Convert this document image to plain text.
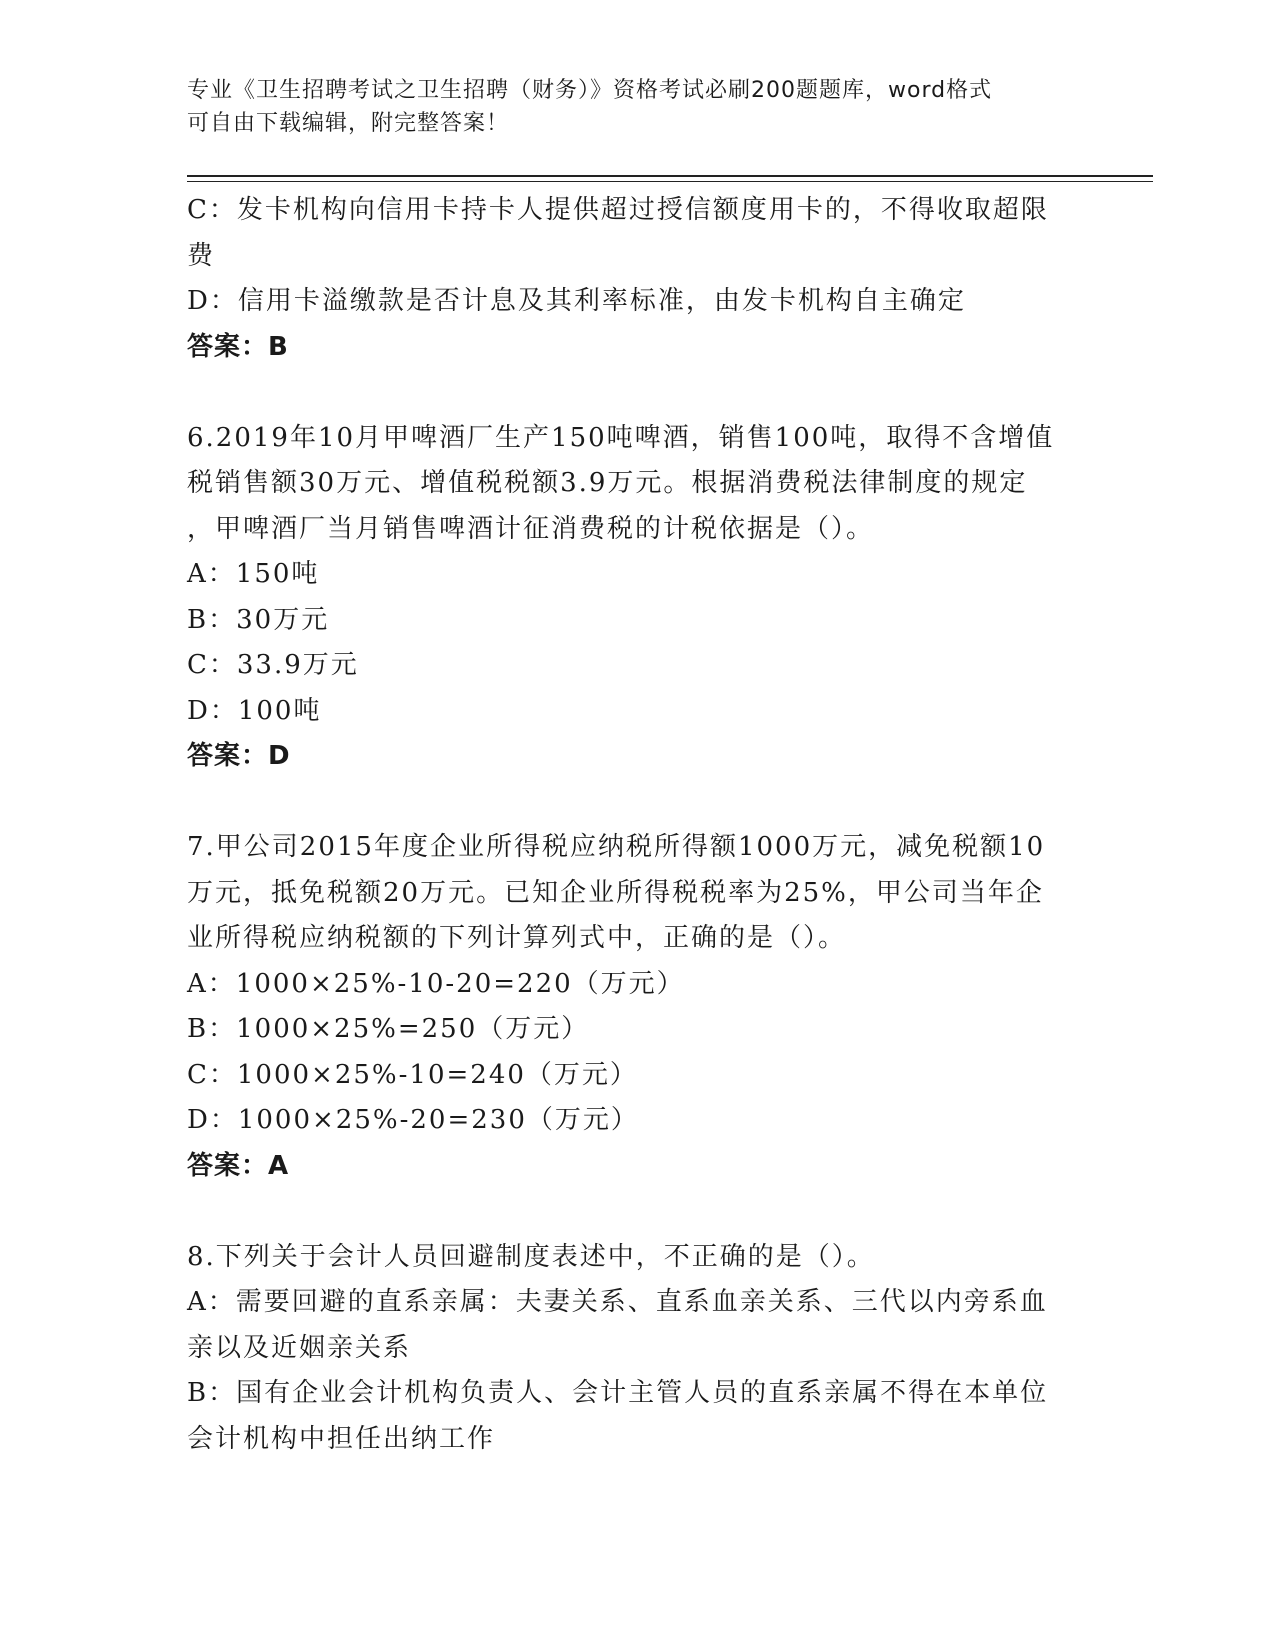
专业《卫生招聘考试之卫生招聘（财务）》资格考试必刷200题题库，word格式
可自由下载编辑，附完整答案！
C：发卡机构向信用卡持卡人提供超过授信额度用卡的，不得收取超限
费
D：信用卡溢缴款是否计息及其利率标准，由发卡机构自主确定
答案：B
6.2019年10月甲啤酒厂生产150吨啤酒，销售100吨，取得不含增值
税销售额30万元、增值税税额3.9万元。根据消费税法律制度的规定
，甲啤酒厂当月销售啤酒计征消费税的计税依据是（）。
A：150吨
B：30万元
C：33.9万元
D：100吨
答案：D
7.甲公司2015年度企业所得税应纳税所得额1000万元，减免税额10
万元，抵免税额20万元。已知企业所得税税率为25%，甲公司当年企
业所得税应纳税额的下列计算列式中，正确的是（）。
A：1000×25%-10-20=220（万元）
B：1000×25%=250（万元）
C：1000×25%-10=240（万元）
D：1000×25%-20=230（万元）
答案：A
8.下列关于会计人员回避制度表述中，不正确的是（）。
A：需要回避的直系亲属：夫妻关系、直系血亲关系、三代以内旁系血
亲以及近姻亲关系
B：国有企业会计机构负责人、会计主管人员的直系亲属不得在本单位
会计机构中担任出纳工作
